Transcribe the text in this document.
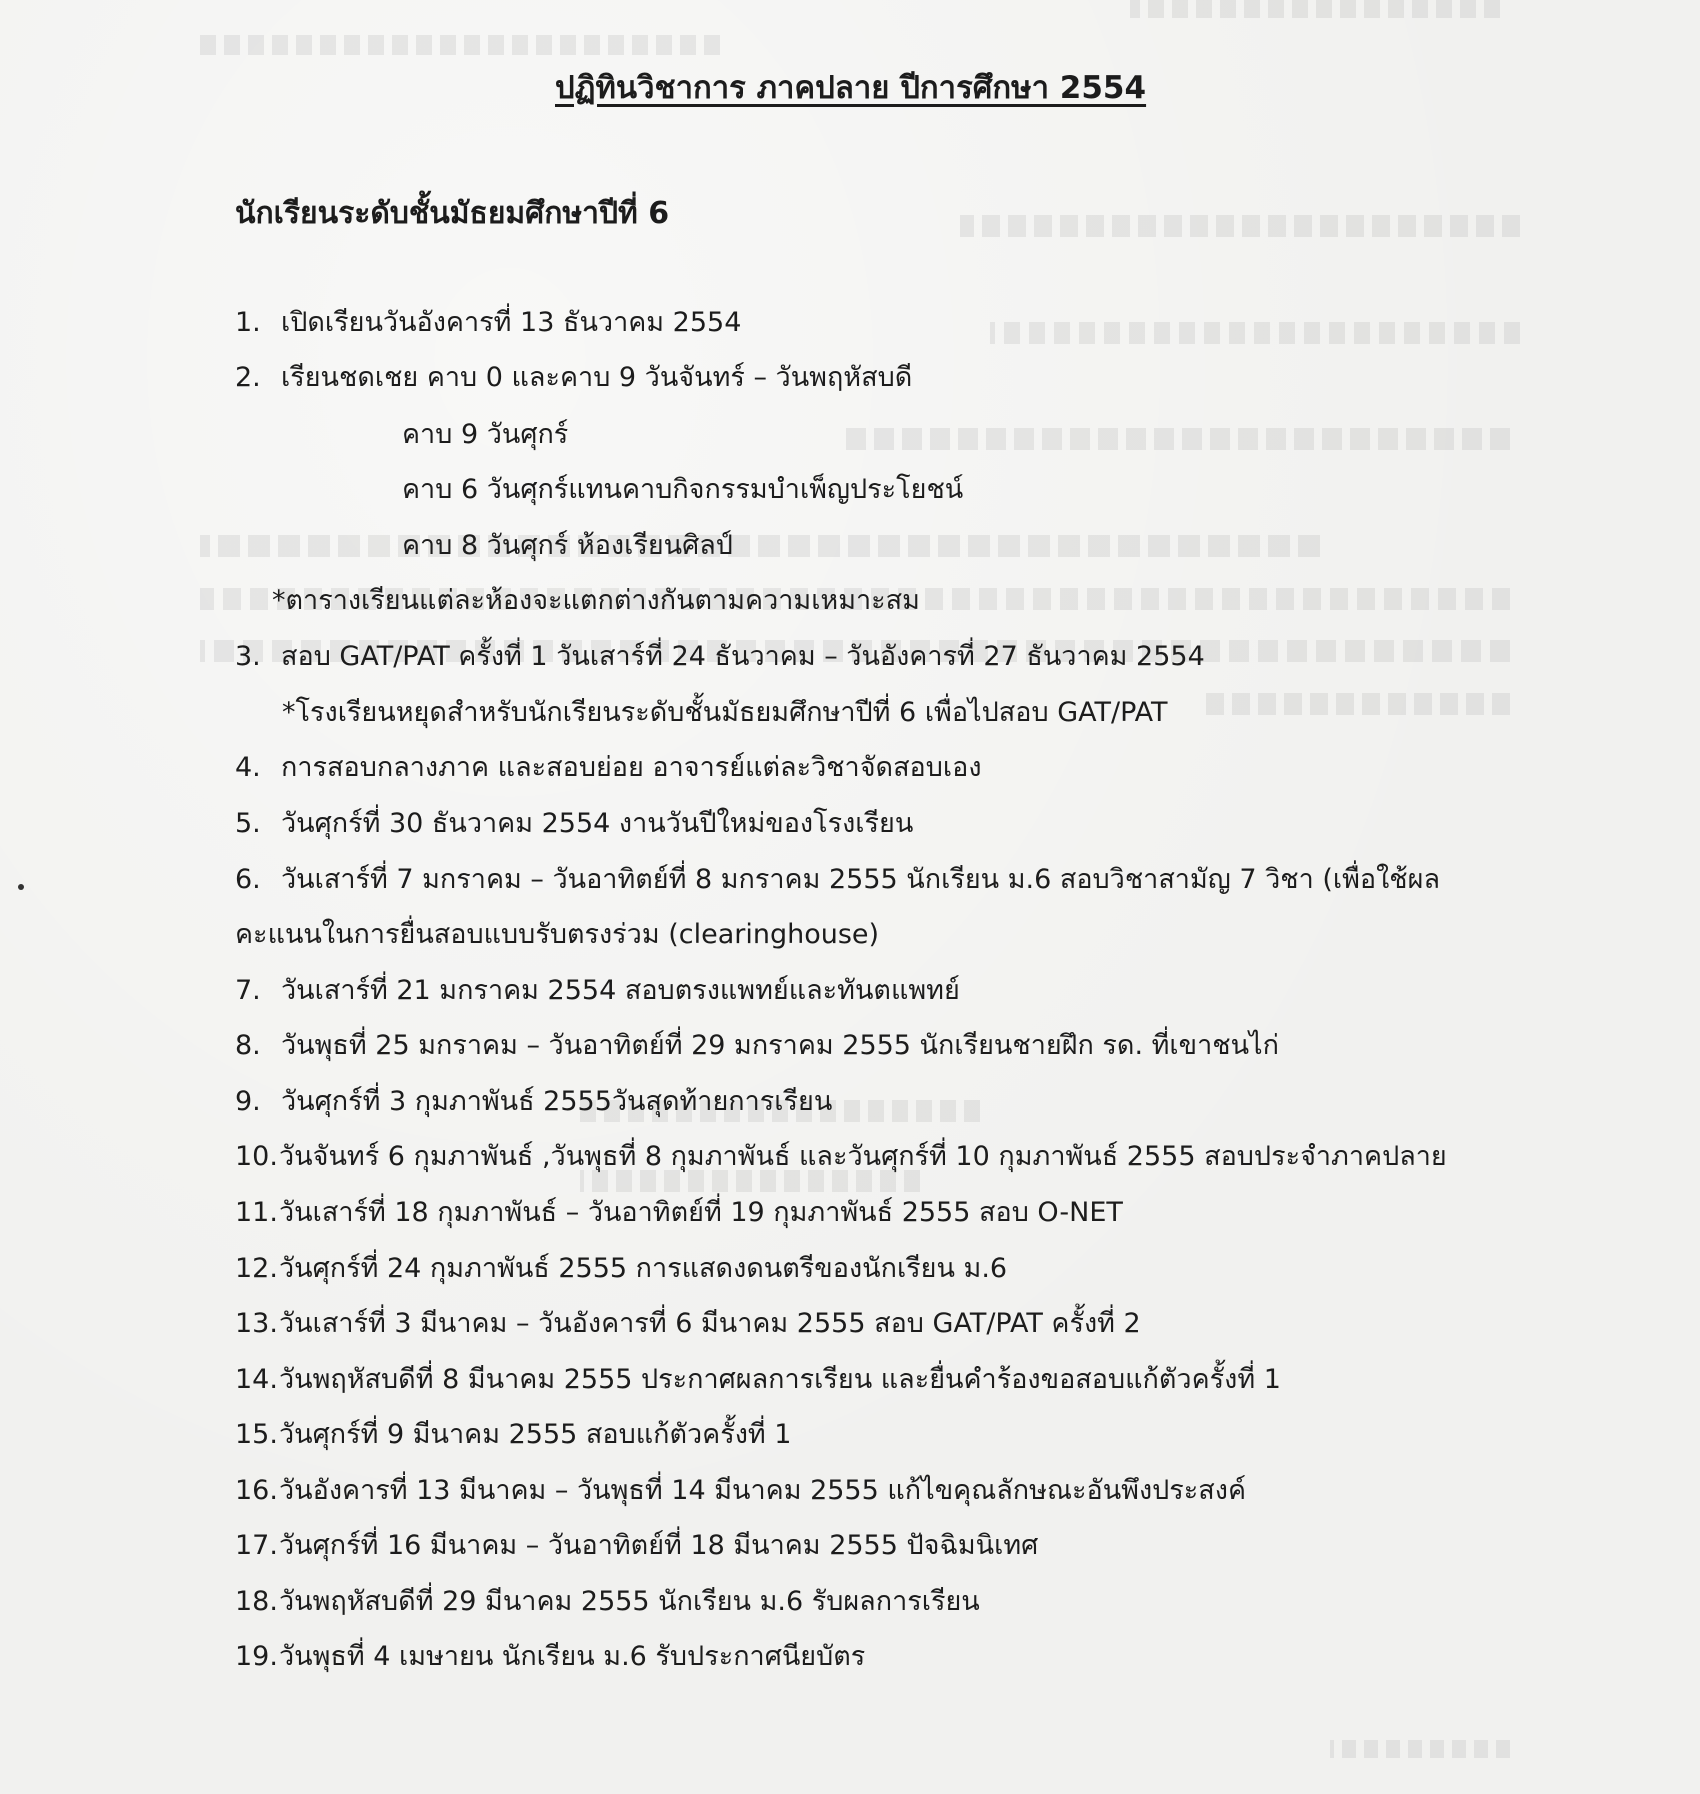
ปฏิทินวิชาการ ภาคปลาย ปีการศึกษา 2554
นักเรียนระดับชั้นมัธยมศึกษาปีที่ 6
1. เปิดเรียนวันอังคารที่ 13 ธันวาคม 2554
2. เรียนชดเชย คาบ 0 และคาบ 9 วันจันทร์ – วันพฤหัสบดี
คาบ 9 วันศุกร์
คาบ 6 วันศุกร์แทนคาบกิจกรรมบำเพ็ญประโยชน์
คาบ 8 วันศุกร์ ห้องเรียนศิลป์
*ตารางเรียนแต่ละห้องจะแตกต่างกันตามความเหมาะสม
3. สอบ GAT/PAT ครั้งที่ 1 วันเสาร์ที่ 24 ธันวาคม – วันอังคารที่ 27 ธันวาคม 2554
*โรงเรียนหยุดสำหรับนักเรียนระดับชั้นมัธยมศึกษาปีที่ 6 เพื่อไปสอบ GAT/PAT
4. การสอบกลางภาค และสอบย่อย อาจารย์แต่ละวิชาจัดสอบเอง
5. วันศุกร์ที่ 30 ธันวาคม 2554 งานวันปีใหม่ของโรงเรียน
6. วันเสาร์ที่ 7 มกราคม – วันอาทิตย์ที่ 8 มกราคม 2555 นักเรียน ม.6 สอบวิชาสามัญ 7 วิชา (เพื่อใช้ผล
คะแนนในการยื่นสอบแบบรับตรงร่วม (clearinghouse)
7. วันเสาร์ที่ 21 มกราคม 2554 สอบตรงแพทย์และทันตแพทย์
8. วันพุธที่ 25 มกราคม – วันอาทิตย์ที่ 29 มกราคม 2555 นักเรียนชายฝึก รด. ที่เขาชนไก่
9. วันศุกร์ที่ 3 กุมภาพันธ์ 2555วันสุดท้ายการเรียน
10.วันจันทร์ 6 กุมภาพันธ์ ,วันพุธที่ 8 กุมภาพันธ์ และวันศุกร์ที่ 10 กุมภาพันธ์ 2555 สอบประจำภาคปลาย
11.วันเสาร์ที่ 18 กุมภาพันธ์ – วันอาทิตย์ที่ 19 กุมภาพันธ์ 2555 สอบ O-NET
12.วันศุกร์ที่ 24 กุมภาพันธ์ 2555 การแสดงดนตรีของนักเรียน ม.6
13.วันเสาร์ที่ 3 มีนาคม – วันอังคารที่ 6 มีนาคม 2555 สอบ GAT/PAT ครั้งที่ 2
14.วันพฤหัสบดีที่ 8 มีนาคม 2555 ประกาศผลการเรียน และยื่นคำร้องขอสอบแก้ตัวครั้งที่ 1
15.วันศุกร์ที่ 9 มีนาคม 2555 สอบแก้ตัวครั้งที่ 1
16.วันอังคารที่ 13 มีนาคม – วันพุธที่ 14 มีนาคม 2555 แก้ไขคุณลักษณะอันพึงประสงค์
17.วันศุกร์ที่ 16 มีนาคม – วันอาทิตย์ที่ 18 มีนาคม 2555 ปัจฉิมนิเทศ
18.วันพฤหัสบดีที่ 29 มีนาคม 2555 นักเรียน ม.6 รับผลการเรียน
19.วันพุธที่ 4 เมษายน นักเรียน ม.6 รับประกาศนียบัตร
